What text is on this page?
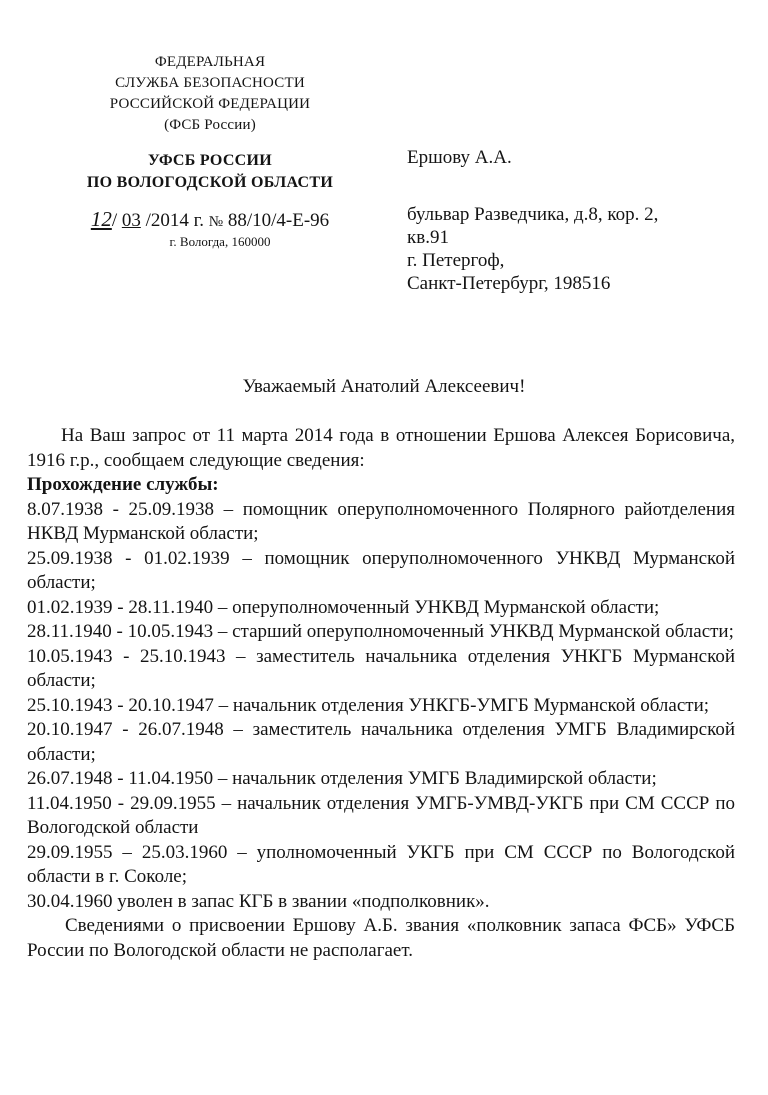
ФЕДЕРАЛЬНАЯ
СЛУЖБА БЕЗОПАСНОСТИ
РОССИЙСКОЙ ФЕДЕРАЦИИ
(ФСБ России)
УФСБ РОССИИ
ПО ВОЛОГОДСКОЙ ОБЛАСТИ
12/ 03 /2014 г. № 88/10/4-Е-96
г. Вологда, 160000
Ершову А.А.
бульвар Разведчика, д.8, кор. 2,
кв.91
г. Петергоф,
Санкт-Петербург, 198516
Уважаемый Анатолий Алексеевич!

На Ваш запрос от 11 марта 2014 года в отношении Ершова Алексея Борисовича, 1916 г.р., сообщаем следующие сведения:

Прохождение службы:

8.07.1938 - 25.09.1938 – помощник оперуполномоченного Полярного райотделения НКВД Мурманской области;

25.09.1938 - 01.02.1939 – помощник оперуполномоченного УНКВД Мурманской области;

01.02.1939 - 28.11.1940 – оперуполномоченный УНКВД Мурманской области;

28.11.1940 - 10.05.1943 – старший оперуполномоченный УНКВД Мурманской области;

10.05.1943 - 25.10.1943 – заместитель начальника отделения УНКГБ Мурманской области;

25.10.1943 - 20.10.1947 – начальник отделения УНКГБ-УМГБ Мурманской области;

20.10.1947 - 26.07.1948 – заместитель начальника отделения УМГБ Владимирской области;

26.07.1948 - 11.04.1950 – начальник отделения УМГБ Владимирской области;

11.04.1950 - 29.09.1955 – начальник отделения УМГБ-УМВД-УКГБ при СМ СССР по Вологодской области

29.09.1955 – 25.03.1960 – уполномоченный УКГБ при СМ СССР по Вологодской области в г. Соколе;

30.04.1960 уволен в запас КГБ в звании «подполковник».

Сведениями о присвоении Ершову А.Б. звания «полковник запаса ФСБ» УФСБ России по Вологодской области не располагает.
